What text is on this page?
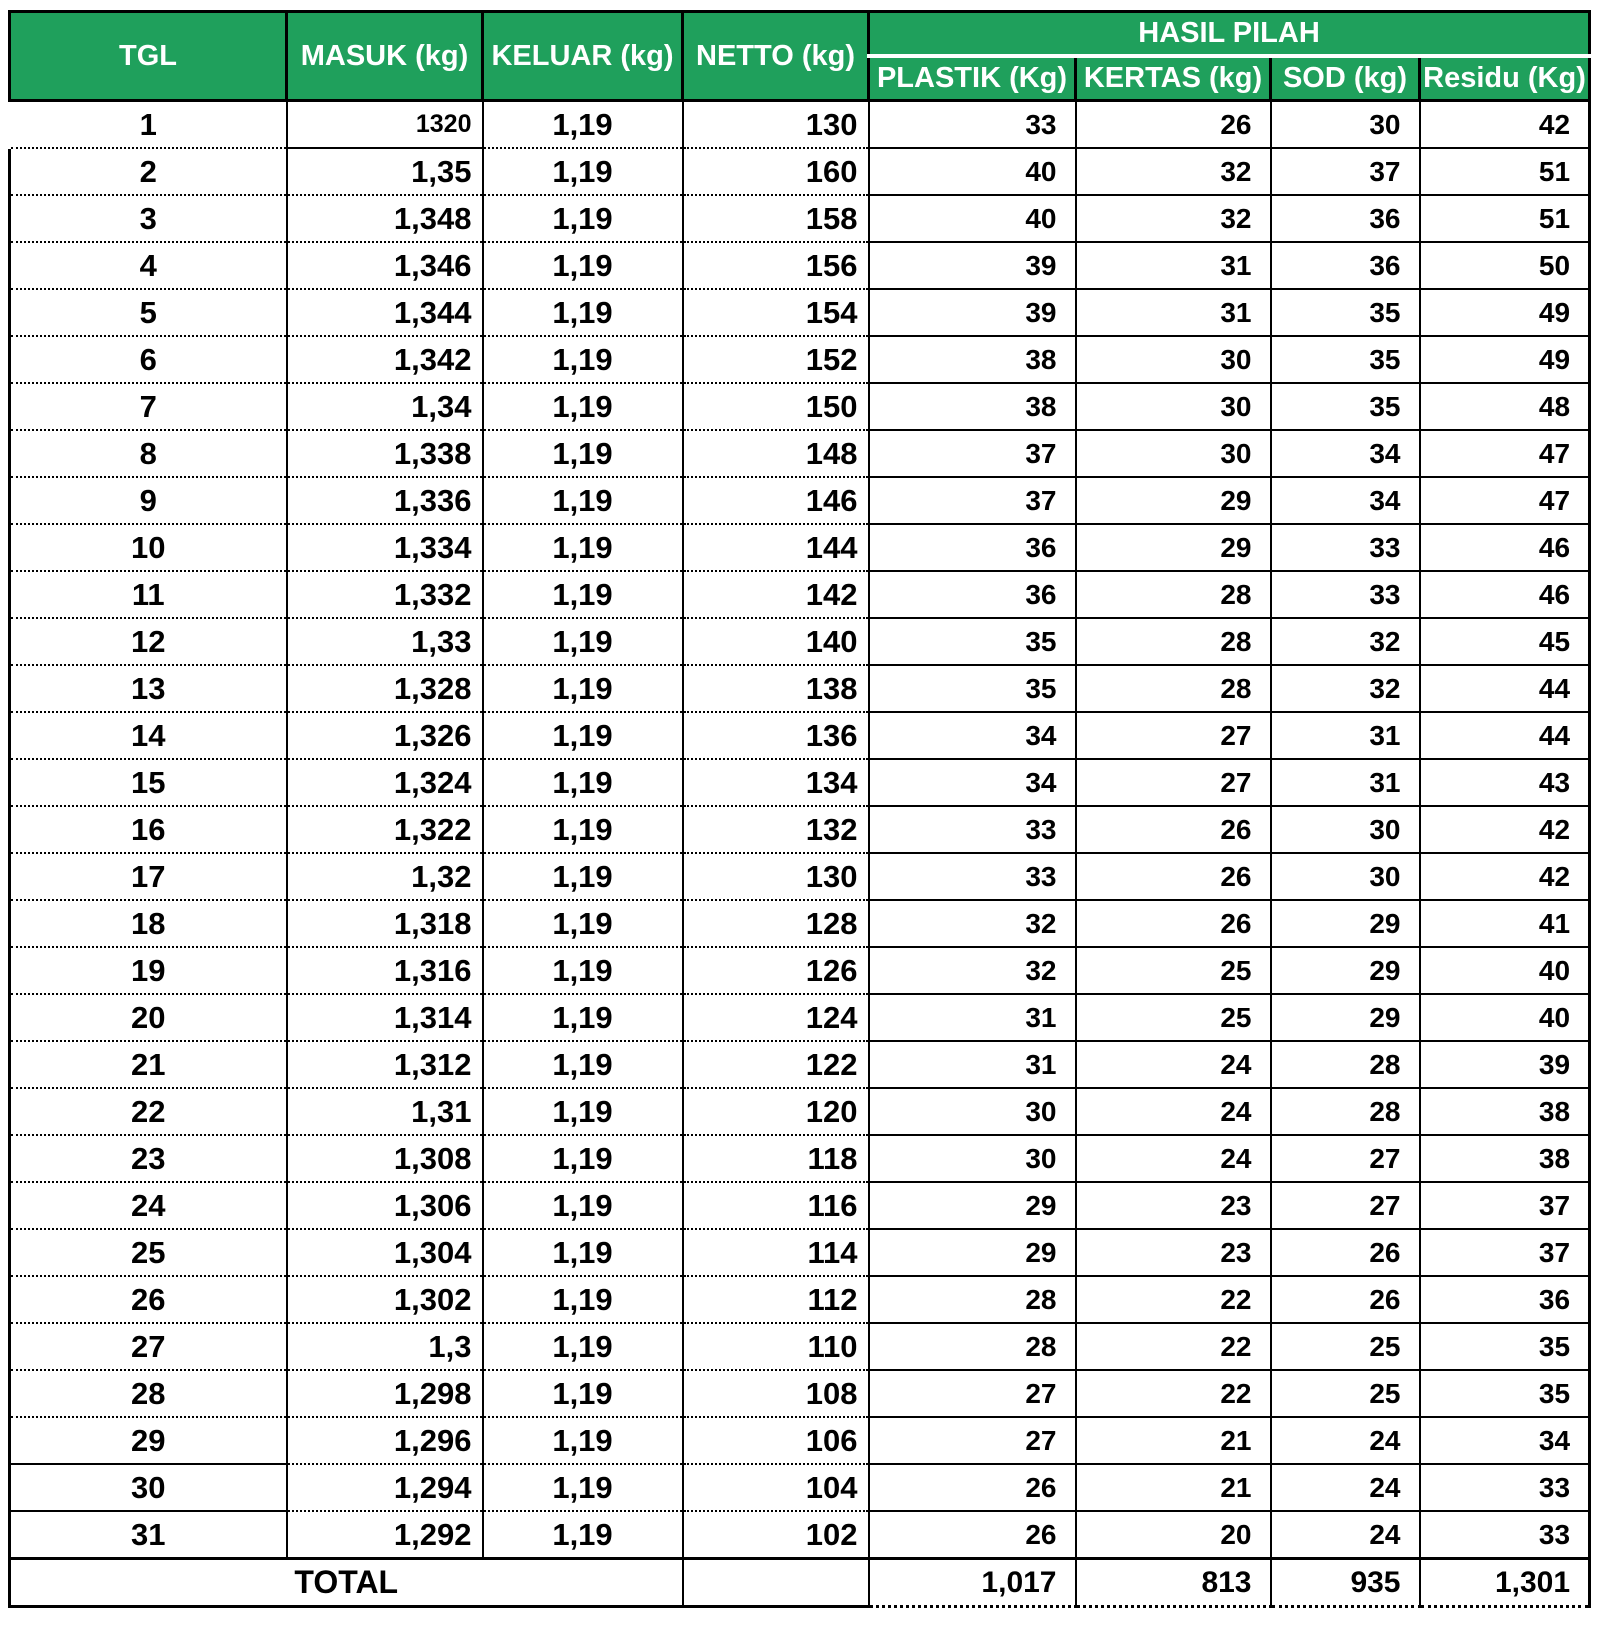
TGL	MASUK (kg)	KELUAR (kg)	NETTO (kg)	HASIL PILAH			
				PLASTIK (Kg)	KERTAS (kg)	SOD (kg)	Residu (Kg)
1	1320	1,19	130	33	26	30	42
2	1,35	1,19	160	40	32	37	51
3	1,348	1,19	158	40	32	36	51
4	1,346	1,19	156	39	31	36	50
5	1,344	1,19	154	39	31	35	49
6	1,342	1,19	152	38	30	35	49
7	1,34	1,19	150	38	30	35	48
8	1,338	1,19	148	37	30	34	47
9	1,336	1,19	146	37	29	34	47
10	1,334	1,19	144	36	29	33	46
11	1,332	1,19	142	36	28	33	46
12	1,33	1,19	140	35	28	32	45
13	1,328	1,19	138	35	28	32	44
14	1,326	1,19	136	34	27	31	44
15	1,324	1,19	134	34	27	31	43
16	1,322	1,19	132	33	26	30	42
17	1,32	1,19	130	33	26	30	42
18	1,318	1,19	128	32	26	29	41
19	1,316	1,19	126	32	25	29	40
20	1,314	1,19	124	31	25	29	40
21	1,312	1,19	122	31	24	28	39
22	1,31	1,19	120	30	24	28	38
23	1,308	1,19	118	30	24	27	38
24	1,306	1,19	116	29	23	27	37
25	1,304	1,19	114	29	23	26	37
26	1,302	1,19	112	28	22	26	36
27	1,3	1,19	110	28	22	25	35
28	1,298	1,19	108	27	22	25	35
29	1,296	1,19	106	27	21	24	34
30	1,294	1,19	104	26	21	24	33
31	1,292	1,19	102	26	20	24	33
TOTAL				1,017	813	935	1,301
